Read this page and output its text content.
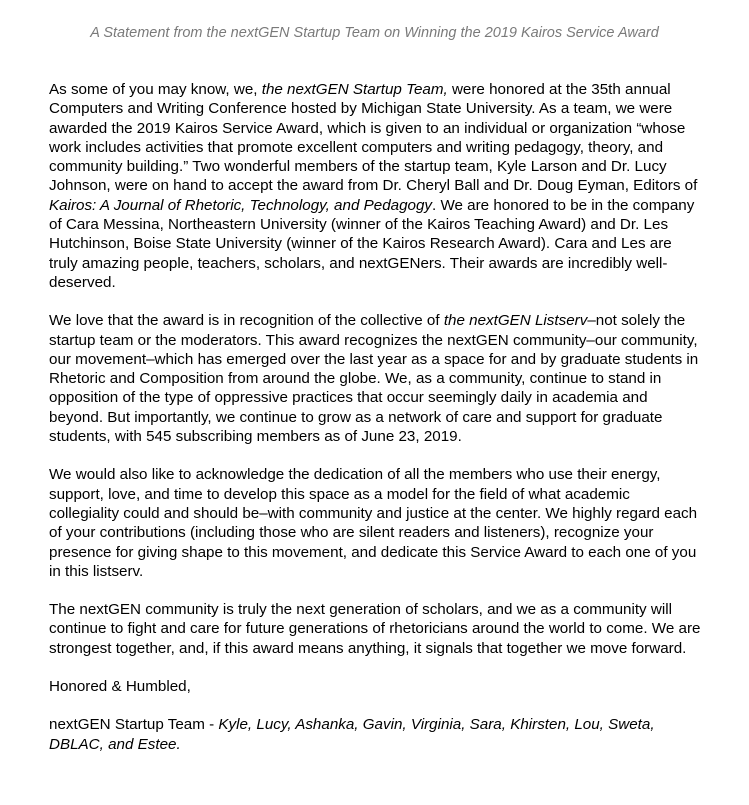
A Statement from the nextGEN Startup Team on Winning the 2019 Kairos Service Award

As some of you may know, we, the nextGEN Startup Team, were honored at the 35th annual Computers and Writing Conference hosted by Michigan State University. As a team, we were awarded the 2019 Kairos Service Award, which is given to an individual or organization “whose work includes activities that promote excellent computers and writing pedagogy, theory, and community building.” Two wonderful members of the startup team, Kyle Larson and Dr. Lucy Johnson, were on hand to accept the award from Dr. Cheryl Ball and Dr. Doug Eyman, Editors of Kairos: A Journal of Rhetoric, Technology, and Pedagogy. We are honored to be in the company of Cara Messina, Northeastern University (winner of the Kairos Teaching Award) and Dr. Les Hutchinson, Boise State University (winner of the Kairos Research Award). Cara and Les are truly amazing people, teachers, scholars, and nextGENers. Their awards are incredibly well-deserved.

We love that the award is in recognition of the collective of the nextGEN Listserv–not solely the startup team or the moderators. This award recognizes the nextGEN community–our community, our movement–which has emerged over the last year as a space for and by graduate students in Rhetoric and Composition from around the globe. We, as a community, continue to stand in opposition of the type of oppressive practices that occur seemingly daily in academia and beyond. But importantly, we continue to grow as a network of care and support for graduate students, with 545 subscribing members as of June 23, 2019.

We would also like to acknowledge the dedication of all the members who use their energy, support, love, and time to develop this space as a model for the field of what academic collegiality could and should be–with community and justice at the center. We highly regard each of your contributions (including those who are silent readers and listeners), recognize your presence for giving shape to this movement, and dedicate this Service Award to each one of you in this listserv.

The nextGEN community is truly the next generation of scholars, and we as a community will continue to fight and care for future generations of rhetoricians around the world to come. We are strongest together, and, if this award means anything, it signals that together we move forward.

Honored & Humbled,

nextGEN Startup Team - Kyle, Lucy, Ashanka, Gavin, Virginia, Sara, Khirsten, Lou, Sweta, DBLAC, and Estee.
